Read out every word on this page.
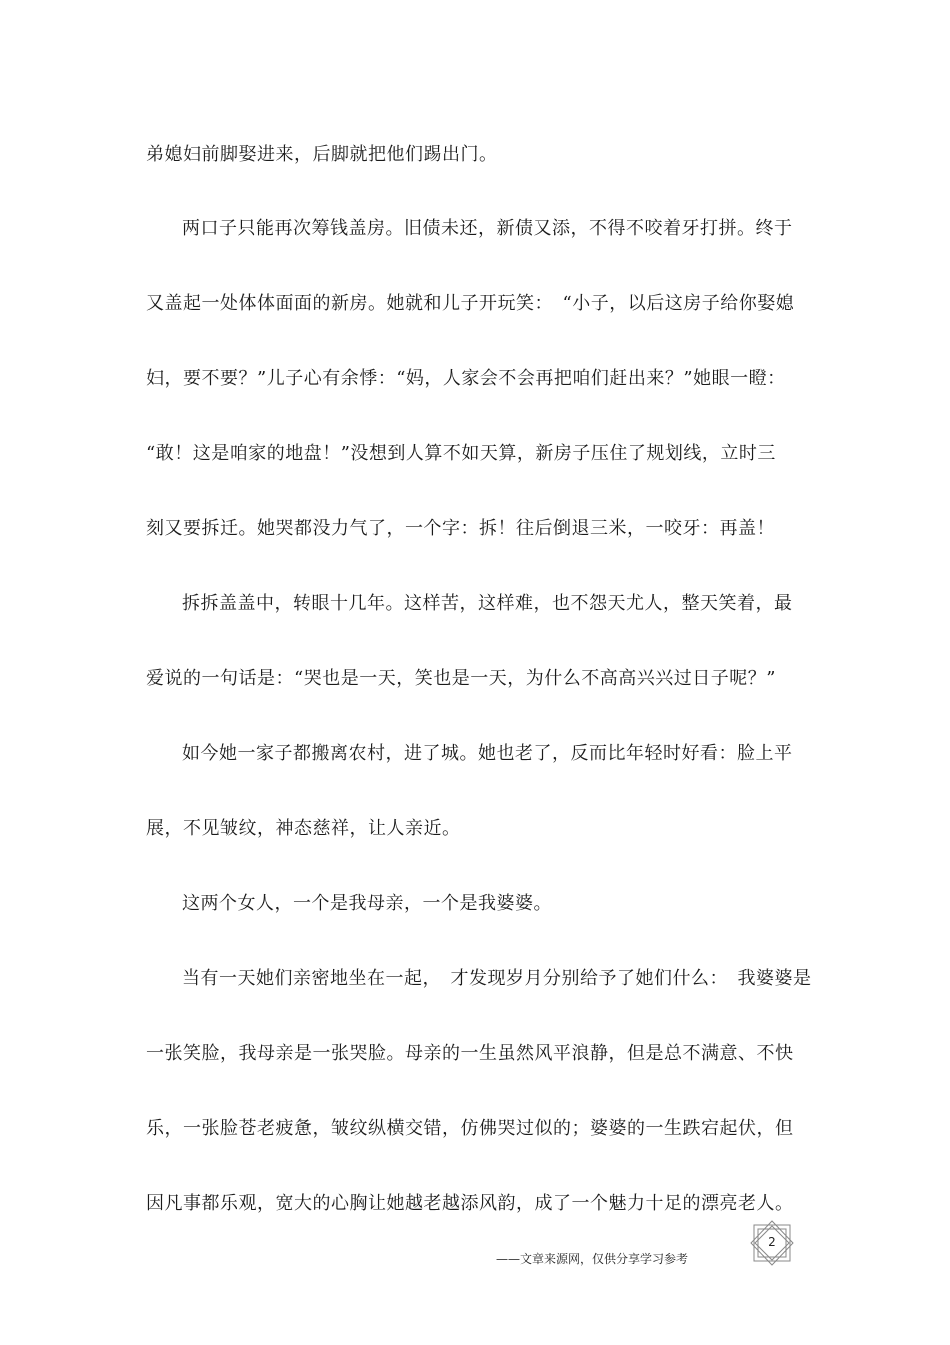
弟媳妇前脚娶进来，后脚就把他们踢出门。
两口子只能再次筹钱盖房。旧债未还，新债又添，不得不咬着牙打拼。终于
又盖起一处体体面面的新房。她就和儿子开玩笑：　“小子，以后这房子给你娶媳
妇，要不要？”儿子心有余悸：“妈，人家会不会再把咱们赶出来？”她眼一瞪：
“敢！这是咱家的地盘！”没想到人算不如天算，新房子压住了规划线，立时三
刻又要拆迁。她哭都没力气了，一个字：拆！往后倒退三米，一咬牙：再盖！
拆拆盖盖中，转眼十几年。这样苦，这样难，也不怨天尤人，整天笑着，最
爱说的一句话是：“哭也是一天，笑也是一天，为什么不高高兴兴过日子呢？”
如今她一家子都搬离农村，进了城。她也老了，反而比年轻时好看：脸上平
展，不见皱纹，神态慈祥，让人亲近。
这两个女人，一个是我母亲，一个是我婆婆。
当有一天她们亲密地坐在一起，　才发现岁月分别给予了她们什么：　我婆婆是
一张笑脸，我母亲是一张哭脸。母亲的一生虽然风平浪静，但是总不满意、不快
乐，一张脸苍老疲惫，皱纹纵横交错，仿佛哭过似的；婆婆的一生跌宕起伏，但
因凡事都乐观，宽大的心胸让她越老越添风韵，成了一个魅力十足的漂亮老人。
——文章来源网，仅供分享学习参考
2
